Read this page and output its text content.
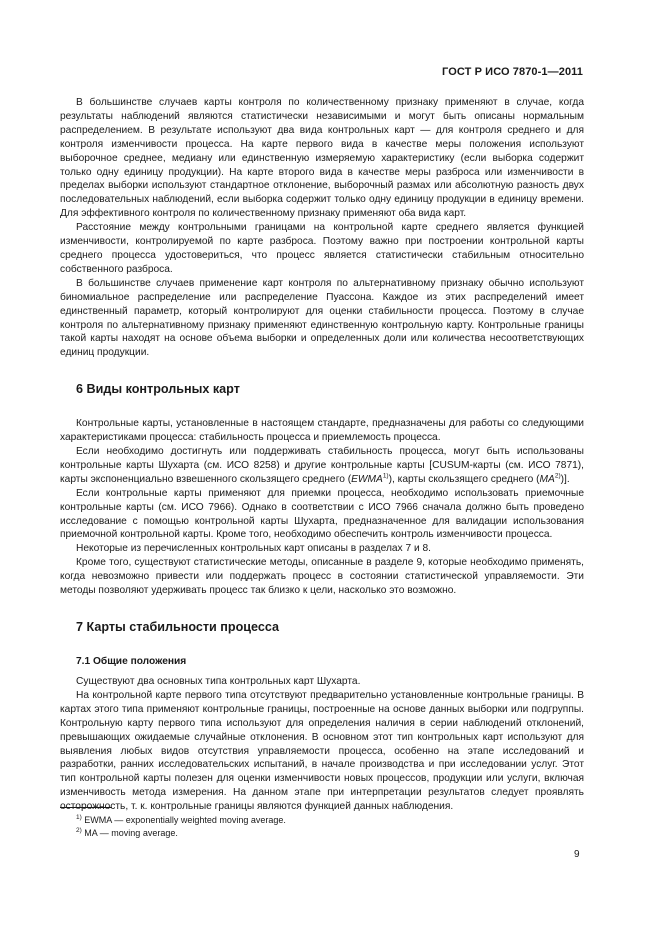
ГОСТ Р ИСО 7870-1—2011

В большинстве случаев карты контроля по количественному признаку применяют в случае, когда результаты наблюдений являются статистически независимыми и могут быть описаны нормальным распределением. В результате используют два вида контрольных карт — для контроля среднего и для контроля изменчивости процесса. На карте первого вида в качестве меры положения используют выборочное среднее, медиану или единственную измеряемую характеристику (если выборка содержит только одну единицу продукции). На карте второго вида в качестве меры разброса или изменчивости в пределах выборки используют стандартное отклонение, выборочный размах или абсолютную разность двух последовательных наблюдений, если выборка содержит только одну единицу продукции в единицу времени. Для эффективного контроля по количественному признаку применяют оба вида карт.

Расстояние между контрольными границами на контрольной карте среднего является функцией изменчивости, контролируемой по карте разброса. Поэтому важно при построении контрольной карты среднего процесса удостовериться, что процесс является статистически стабильным относительно собственного разброса.

В большинстве случаев применение карт контроля по альтернативному признаку обычно используют биномиальное распределение или распределение Пуассона. Каждое из этих распределений имеет единственный параметр, который контролируют для оценки стабильности процесса. Поэтому в случае контроля по альтернативному признаку применяют единственную контрольную карту. Контрольные границы такой карты находят на основе объема выборки и определенных доли или количества несоответствующих единиц продукции.

6 Виды контрольных карт

Контрольные карты, установленные в настоящем стандарте, предназначены для работы со следующими характеристиками процесса: стабильность процесса и приемлемость процесса.

Если необходимо достигнуть или поддерживать стабильность процесса, могут быть использованы контрольные карты Шухарта (см. ИСО 8258) и другие контрольные карты [CUSUM-карты (см. ИСО 7871), карты экспоненциально взвешенного скользящего среднего (EWMA$^{1)}$), карты скользящего среднего (MA$^{2)}$)].

Если контрольные карты применяют для приемки процесса, необходимо использовать приемочные контрольные карты (см. ИСО 7966). Однако в соответствии с ИСО 7966 сначала должно быть проведено исследование с помощью контрольной карты Шухарта, предназначенное для валидации использования приемочной контрольной карты. Кроме того, необходимо обеспечить контроль изменчивости процесса.

Некоторые из перечисленных контрольных карт описаны в разделах 7 и 8.

Кроме того, существуют статистические методы, описанные в разделе 9, которые необходимо применять, когда невозможно привести или поддержать процесс в состоянии статистической управляемости. Эти методы позволяют удерживать процесс так близко к цели, насколько это возможно.

7 Карты стабильности процесса
7.1 Общие положения

Существуют два основных типа контрольных карт Шухарта.

На контрольной карте первого типа отсутствуют предварительно установленные контрольные границы. В картах этого типа применяют контрольные границы, построенные на основе данных выборки или подгруппы. Контрольную карту первого типа используют для определения наличия в серии наблюдений отклонений, превышающих ожидаемые случайные отклонения. В основном этот тип контрольных карт используют для выявления любых видов отсутствия управляемости процесса, особенно на этапе исследований и разработки, ранних исследовательских испытаний, в начале производства и при исследовании услуг. Этот тип контрольной карты полезен для оценки изменчивости новых процессов, продукции или услуги, включая изменчивость метода измерения. На данном этапе при интерпретации результатов следует проявлять осторожность, т. к. контрольные границы являются функцией данных наблюдения.

$^{1)}$ EWMA — exponentially weighted moving average.
$^{2)}$ MA — moving average.
9
